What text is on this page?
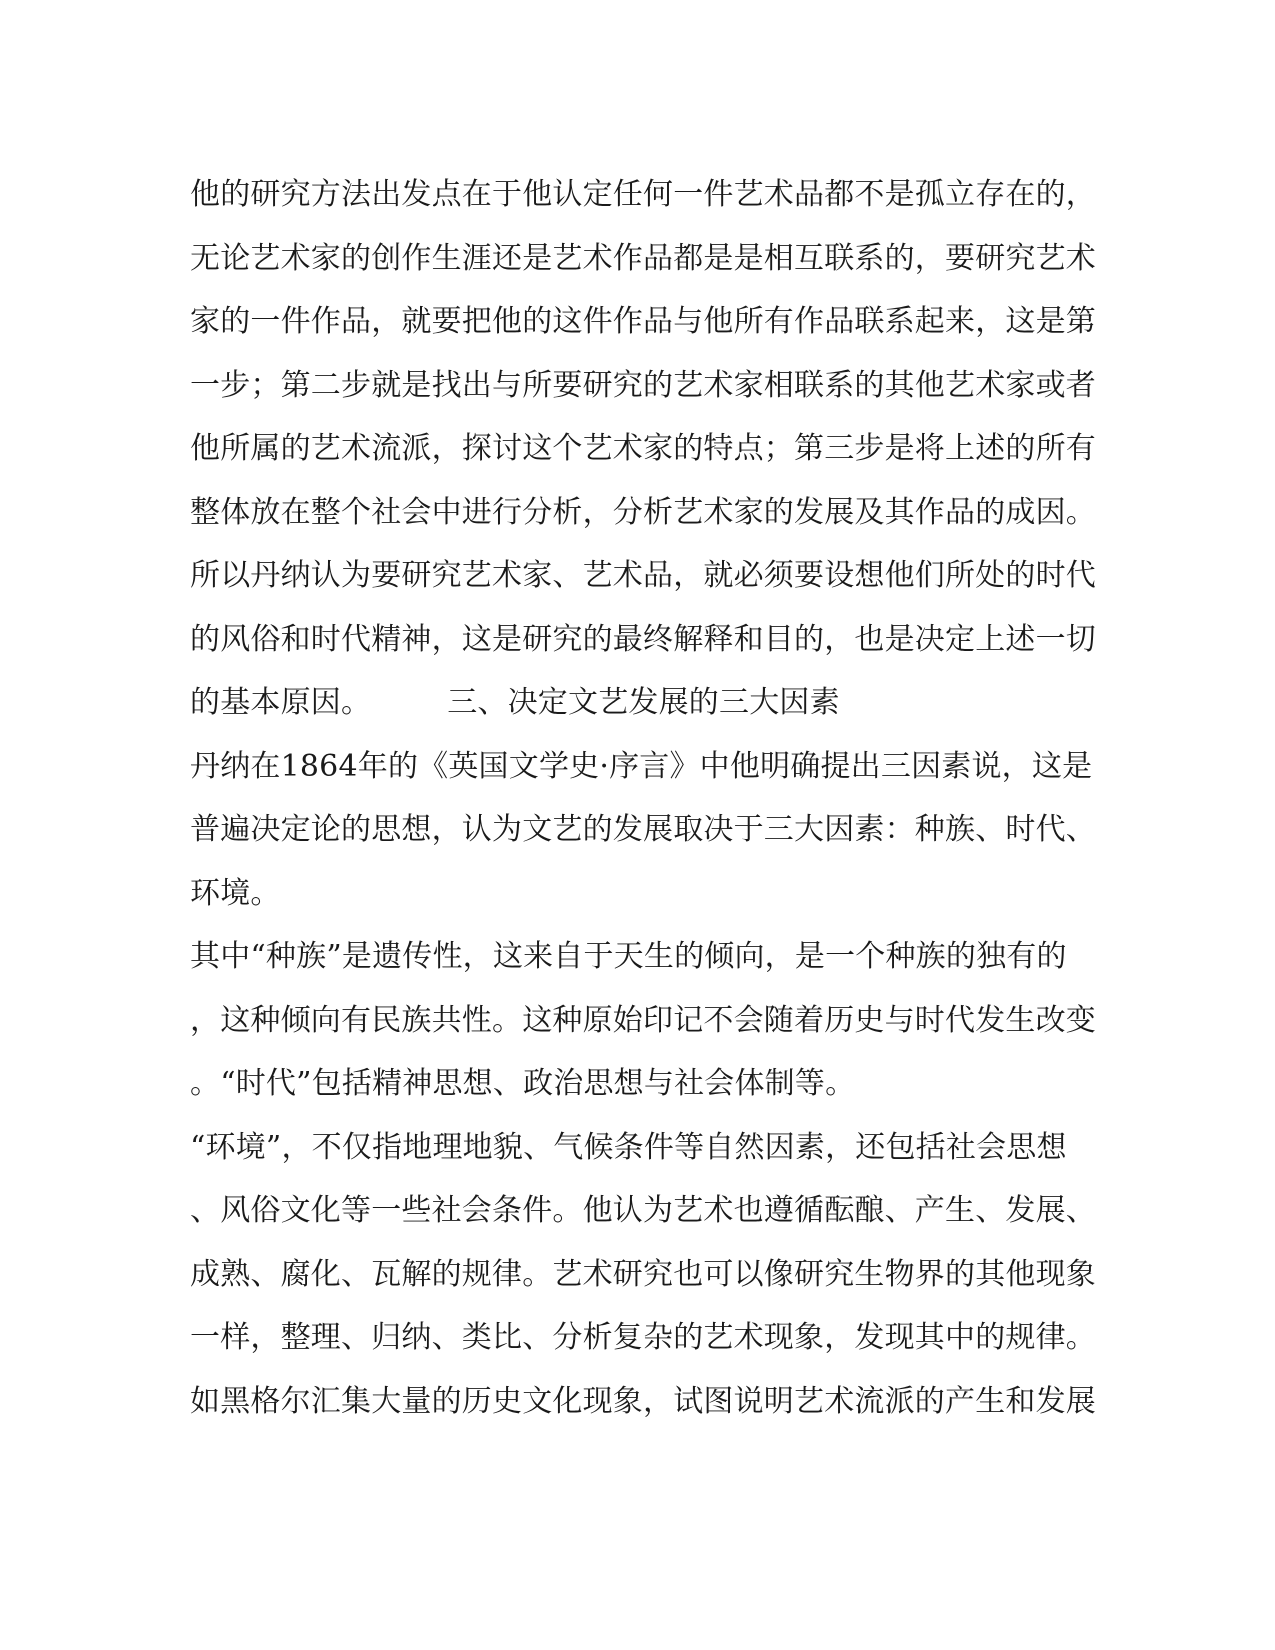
他的研究方法出发点在于他认定任何一件艺术品都不是孤立存在的，
无论艺术家的创作生涯还是艺术作品都是是相互联系的，要研究艺术
家的一件作品，就要把他的这件作品与他所有作品联系起来，这是第
一步；第二步就是找出与所要研究的艺术家相联系的其他艺术家或者
他所属的艺术流派，探讨这个艺术家的特点；第三步是将上述的所有
整体放在整个社会中进行分析，分析艺术家的发展及其作品的成因。
所以丹纳认为要研究艺术家、艺术品，就必须要设想他们所处的时代
的风俗和时代精神，这是研究的最终解释和目的，也是决定上述一切
的基本原因。	三、决定文艺发展的三大因素
丹纳在1864年的《英国文学史·序言》中他明确提出三因素说，这是
普遍决定论的思想，认为文艺的发展取决于三大因素：种族、时代、
环境。
其中“种族”是遗传性，这来自于天生的倾向，是一个种族的独有的
，这种倾向有民族共性。这种原始印记不会随着历史与时代发生改变
。“时代”包括精神思想、政治思想与社会体制等。
“环境”，不仅指地理地貌、气候条件等自然因素，还包括社会思想
、风俗文化等一些社会条件。他认为艺术也遵循酝酿、产生、发展、
成熟、腐化、瓦解的规律。艺术研究也可以像研究生物界的其他现象
一样，整理、归纳、类比、分析复杂的艺术现象，发现其中的规律。
如黑格尔汇集大量的历史文化现象，试图说明艺术流派的产生和发展
